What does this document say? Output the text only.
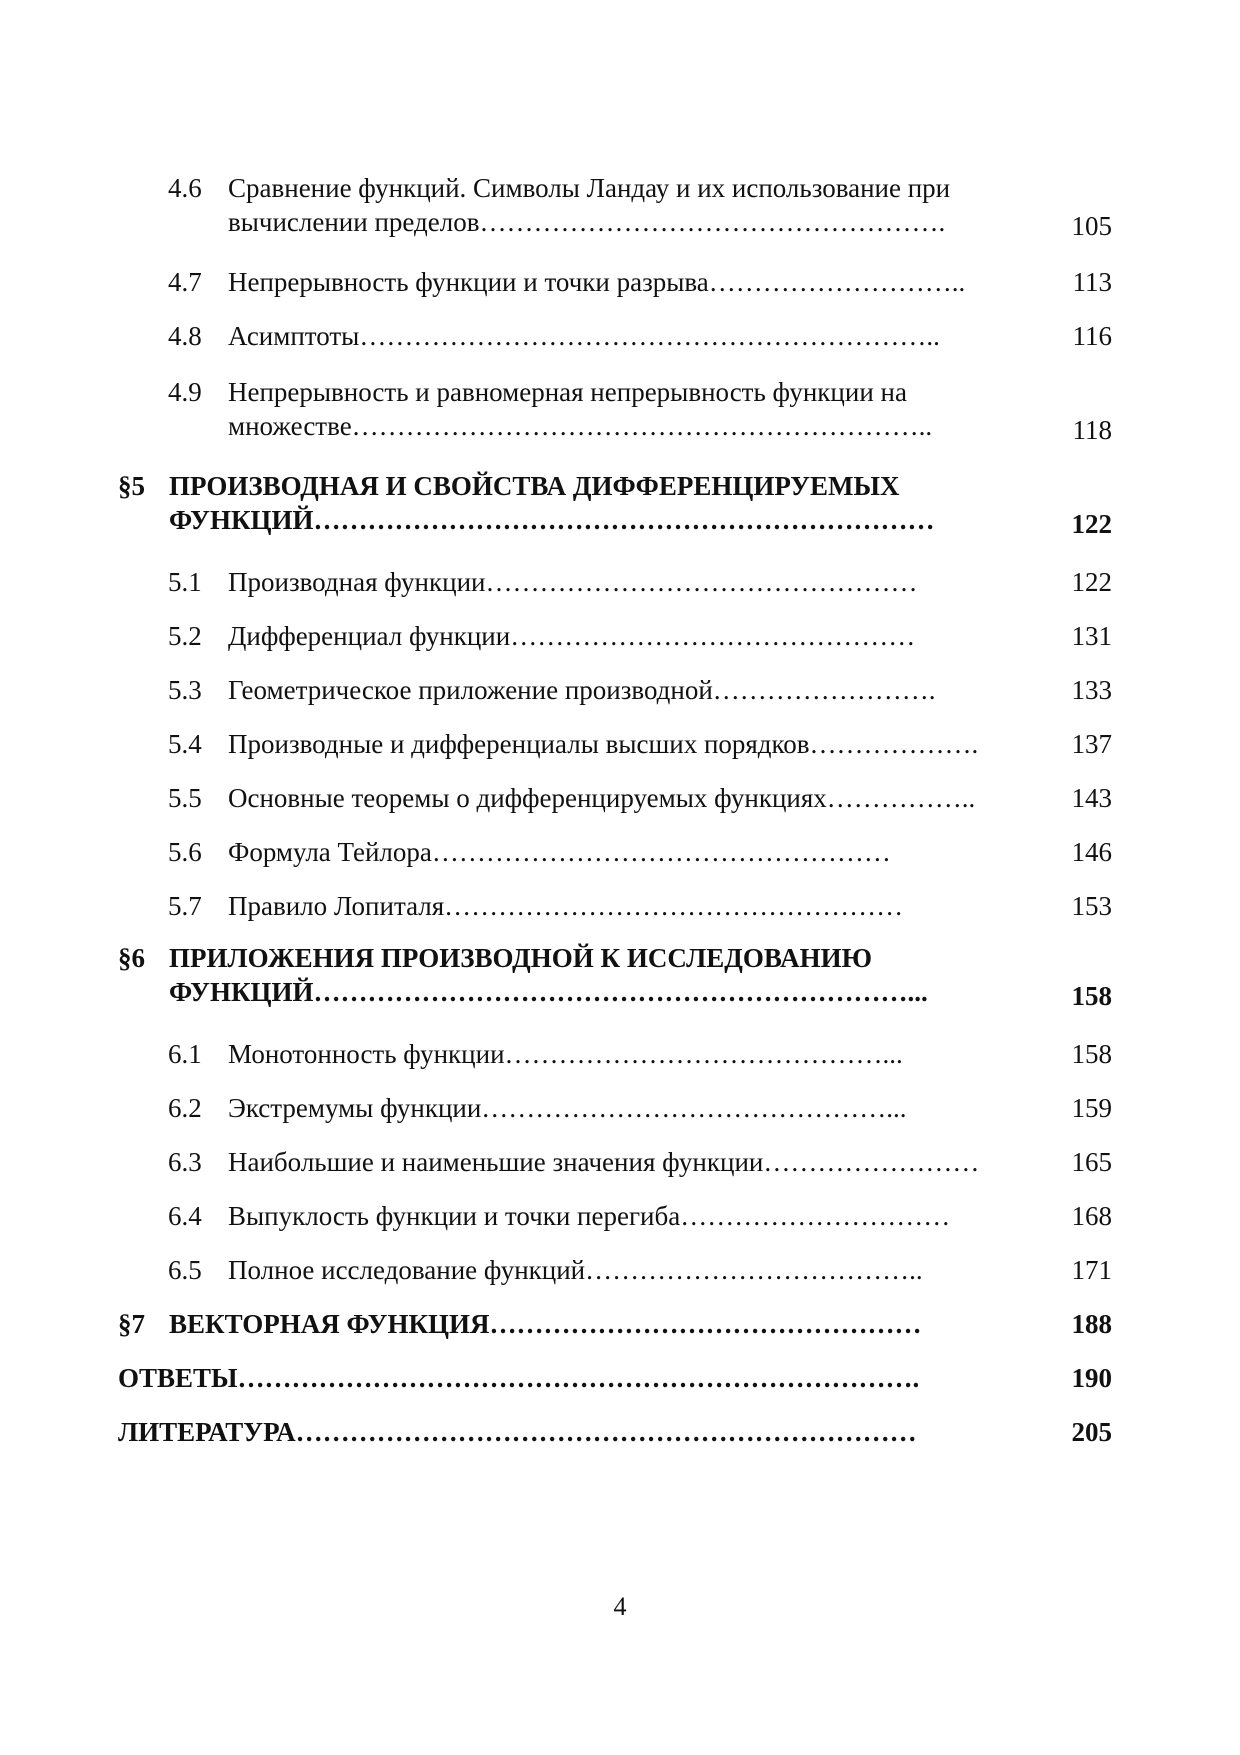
4.6 Сравнение функций. Символы Ландау и их использование при
вычислении пределов…………………………………………….	105
4.7 Непрерывность функции и точки разрыва………………………..	113
4.8 Асимптоты………………………………………………………..	116
4.9 Непрерывность и равномерная непрерывность функции на
множестве………………………………………………………..	118
§5 ПРОИЗВОДНАЯ И СВОЙСТВА ДИФФЕРЕНЦИРУЕМЫХ
ФУНКЦИЙ……………………………………………………………	122
5.1 Производная функции…………………………………………	122
5.2 Дифференциал функции………………………………………	131
5.3 Геометрическое приложение производной…………………….	133
5.4 Производные и дифференциалы высших порядков……………….	137
5.5 Основные теоремы о дифференцируемых функциях……………..	143
5.6 Формула Тейлора……………………………………………	146
5.7 Правило Лопиталя……………………………………………	153
§6 ПРИЛОЖЕНИЯ ПРОИЗВОДНОЙ К ИССЛЕДОВАНИЮ
ФУНКЦИЙ…………………………………………………………...	158
6.1 Монотонность функции……………………………………...	158
6.2 Экстремумы функции………………………………………...	159
6.3 Наибольшие и наименьшие значения функции……………………	165
6.4 Выпуклость функции и точки перегиба…………………………	168
6.5 Полное исследование функций………………………………..	171
§7 ВЕКТОРНАЯ ФУНКЦИЯ…………………………………………	188
ОТВЕТЫ………………………………………………………………….	190
ЛИТЕРАТУРА……………………………………………………………	205
4
